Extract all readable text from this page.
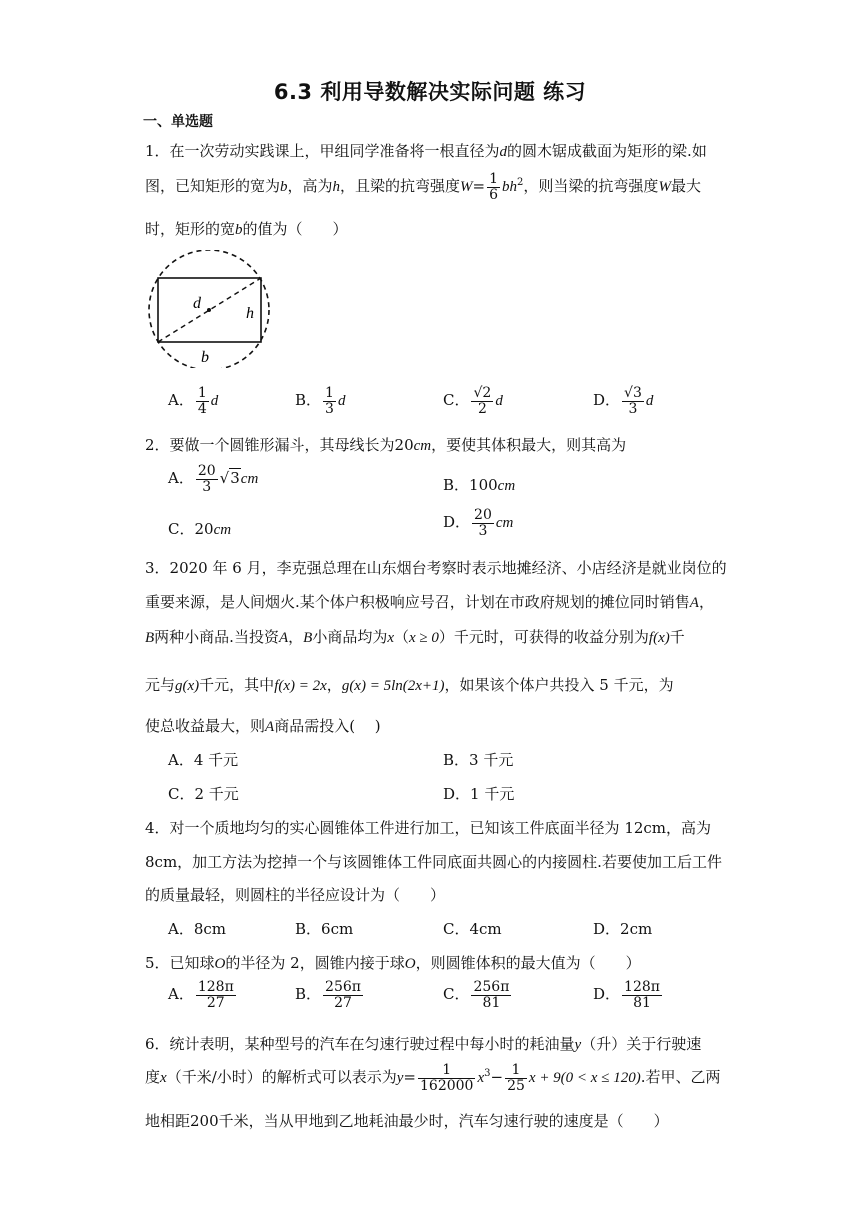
6.3 利用导数解决实际问题 练习
一、单选题
1．在一次劳动实践课上，甲组同学准备将一根直径为d的圆木锯成截面为矩形的梁.如
图，已知矩形的宽为b，高为h，且梁的抗弯强度$W= \frac{1}{6} bh^2$，则当梁的抗弯强度W最大
时，矩形的宽b的值为（　　）
d
h
b
A． $\frac{1}{4}$ d	B． $\frac{1}{3}$ d	C． $\frac{√2}{2}$ d	D． $\frac{√3}{3}$ d
2．要做一个圆锥形漏斗，其母线长为20cm，要使其体积最大，则其高为
A． $\frac{20}{3} √3cm$	B．100cm
C．20cm	D． $\frac{20}{3}$ cm
3．2020 年 6 月，李克强总理在山东烟台考察时表示地摊经济、小店经济是就业岗位的
重要来源，是人间烟火.某个体户积极响应号召，计划在市政府规划的摊位同时销售A，
B两种小商品.当投资A，B小商品均为x（x ≥ 0）千元时，可获得的收益分别为f(x)千
元与g(x)千元，其中f(x) = 2x，g(x) = 5ln(2x+1)，如果该个体户共投入 5 千元，为
使总收益最大，则A商品需投入(　 )
A．4 千元	B．3 千元
C．2 千元	D．1 千元
4．对一个质地均匀的实心圆锥体工件进行加工，已知该工件底面半径为 12cm，高为
8cm，加工方法为挖掉一个与该圆锥体工件同底面共圆心的内接圆柱.若要使加工后工件
的质量最轻，则圆柱的半径应设计为（　　）
A．8cm	B．6cm	C．4cm	D．2cm
5．已知球O的半径为 2，圆锥内接于球O，则圆锥体积的最大值为（　　）
A． $\frac{128\pi}{27}$	B． $\frac{256\pi}{27}$	C． $\frac{256\pi}{81}$	D． $\frac{128\pi}{81}$
6．统计表明，某种型号的汽车在匀速行驶过程中每小时的耗油量y（升）关于行驶速
度x（千米/小时）的解析式可以表示为$y= \frac{1}{162000} x^3- \frac{1}{25}$ x + 9(0 < x ≤ 120).若甲、乙两
地相距200千米，当从甲地到乙地耗油最少时，汽车匀速行驶的速度是（　　）
